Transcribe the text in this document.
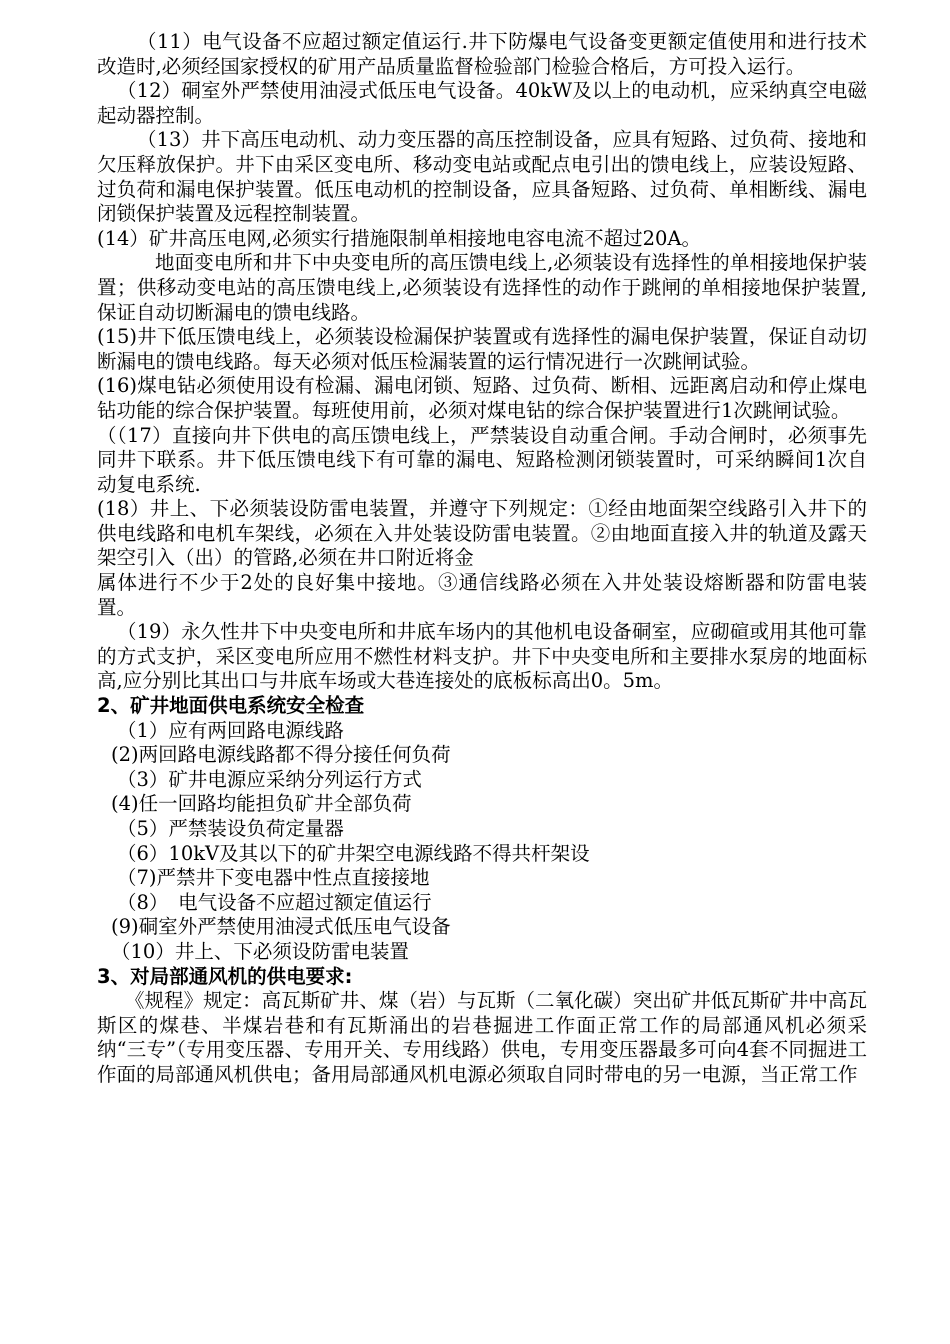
（11）电气设备不应超过额定值运行.井下防爆电气设备变更额定值使用和进行技术改造时,必须经国家授权的矿用产品质量监督检验部门检验合格后，方可投入运行。

（12）硐室外严禁使用油浸式低压电气设备。40kW及以上的电动机，应采纳真空电磁起动器控制。

（13）井下高压电动机、动力变压器的高压控制设备，应具有短路、过负荷、接地和欠压释放保护。井下由采区变电所、移动变电站或配点电引出的馈电线上，应装设短路、过负荷和漏电保护装置。低压电动机的控制设备，应具备短路、过负荷、单相断线、漏电闭锁保护装置及远程控制装置。

(14）矿井高压电网,必须实行措施限制单相接地电容电流不超过20A。

地面变电所和井下中央变电所的高压馈电线上,必须装设有选择性的单相接地保护装置；供移动变电站的高压馈电线上,必须装设有选择性的动作于跳闸的单相接地保护装置,保证自动切断漏电的馈电线路。

(15)井下低压馈电线上，必须装设检漏保护装置或有选择性的漏电保护装置，保证自动切断漏电的馈电线路。每天必须对低压检漏装置的运行情况进行一次跳闸试验。

(16)煤电钻必须使用设有检漏、漏电闭锁、短路、过负荷、断相、远距离启动和停止煤电钻功能的综合保护装置。每班使用前，必须对煤电钻的综合保护装置进行1次跳闸试验。

（（17）直接向井下供电的高压馈电线上，严禁装设自动重合闸。手动合闸时，必须事先同井下联系。井下低压馈电线下有可靠的漏电、短路检测闭锁装置时，可采纳瞬间1次自动复电系统.

(18）井上、下必须装设防雷电装置，并遵守下列规定：①经由地面架空线路引入井下的供电线路和电机车架线，必须在入井处装设防雷电装置。②由地面直接入井的轨道及露天架空引入（出）的管路,必须在井口附近将金

属体进行不少于2处的良好集中接地。③通信线路必须在入井处装设熔断器和防雷电装置。

（19）永久性井下中央变电所和井底车场内的其他机电设备硐室，应砌碹或用其他可靠的方式支护，采区变电所应用不燃性材料支护。井下中央变电所和主要排水泵房的地面标高,应分别比其出口与井底车场或大巷连接处的底板标高出0。5m。

2、矿井地面供电系统安全检查

（1）应有两回路电源线路

(2)两回路电源线路都不得分接任何负荷

（3）矿井电源应采纳分列运行方式

(4)任一回路均能担负矿井全部负荷

（5）严禁装设负荷定量器

（6）10kV及其以下的矿井架空电源线路不得共杆架设

（7)严禁井下变电器中性点直接接地

（8）　电气设备不应超过额定值运行

(9)硐室外严禁使用油浸式低压电气设备

（10）井上、下必须设防雷电装置

3、对局部通风机的供电要求:

《规程》规定：高瓦斯矿井、煤（岩）与瓦斯（二氧化碳）突出矿井低瓦斯矿井中高瓦斯区的煤巷、半煤岩巷和有瓦斯涌出的岩巷掘进工作面正常工作的局部通风机必须采纳“三专”（专用变压器、专用开关、专用线路）供电，专用变压器最多可向4套不同掘进工作面的局部通风机供电；备用局部通风机电源必须取自同时带电的另一电源，当正常工作
